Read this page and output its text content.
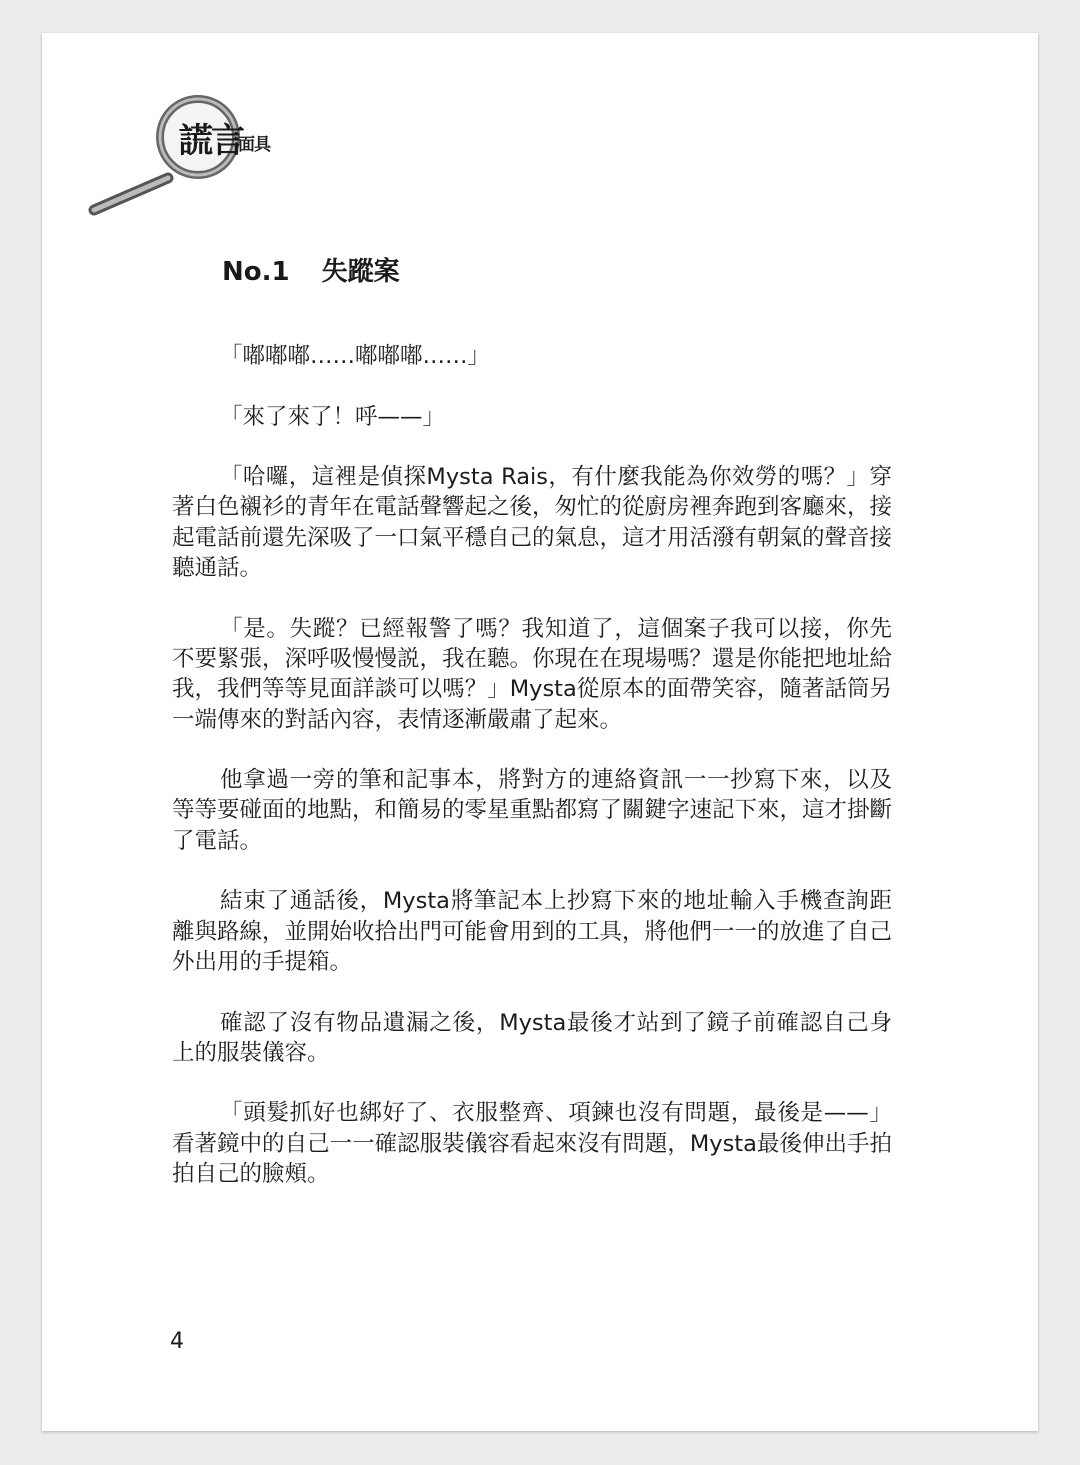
謊言
面具
No.1 失蹤案

「嘟嘟嘟……嘟嘟嘟……」

「來了來了！呼——」

「哈囉，這裡是偵探Mysta Rais，有什麼我能為你效勞的嗎？」穿著白色襯衫的青年在電話聲響起之後，匆忙的從廚房裡奔跑到客廳來，接起電話前還先深吸了一口氣平穩自己的氣息，這才用活潑有朝氣的聲音接聽通話。

「是。失蹤？已經報警了嗎？我知道了，這個案子我可以接，你先不要緊張，深呼吸慢慢説，我在聽。你現在在現場嗎？還是你能把地址給我，我們等等見面詳談可以嗎？」Mysta從原本的面帶笑容，隨著話筒另一端傳來的對話內容，表情逐漸嚴肅了起來。

他拿過一旁的筆和記事本，將對方的連絡資訊一一抄寫下來，以及等等要碰面的地點，和簡易的零星重點都寫了關鍵字速記下來，這才掛斷了電話。

結束了通話後，Mysta將筆記本上抄寫下來的地址輸入手機查詢距離與路線，並開始收拾出門可能會用到的工具，將他們一一的放進了自己外出用的手提箱。

確認了沒有物品遺漏之後，Mysta最後才站到了鏡子前確認自己身上的服裝儀容。

「頭髮抓好也綁好了、衣服整齊、項鍊也沒有問題，最後是——」看著鏡中的自己一一確認服裝儀容看起來沒有問題，Mysta最後伸出手拍拍自己的臉頰。

4
